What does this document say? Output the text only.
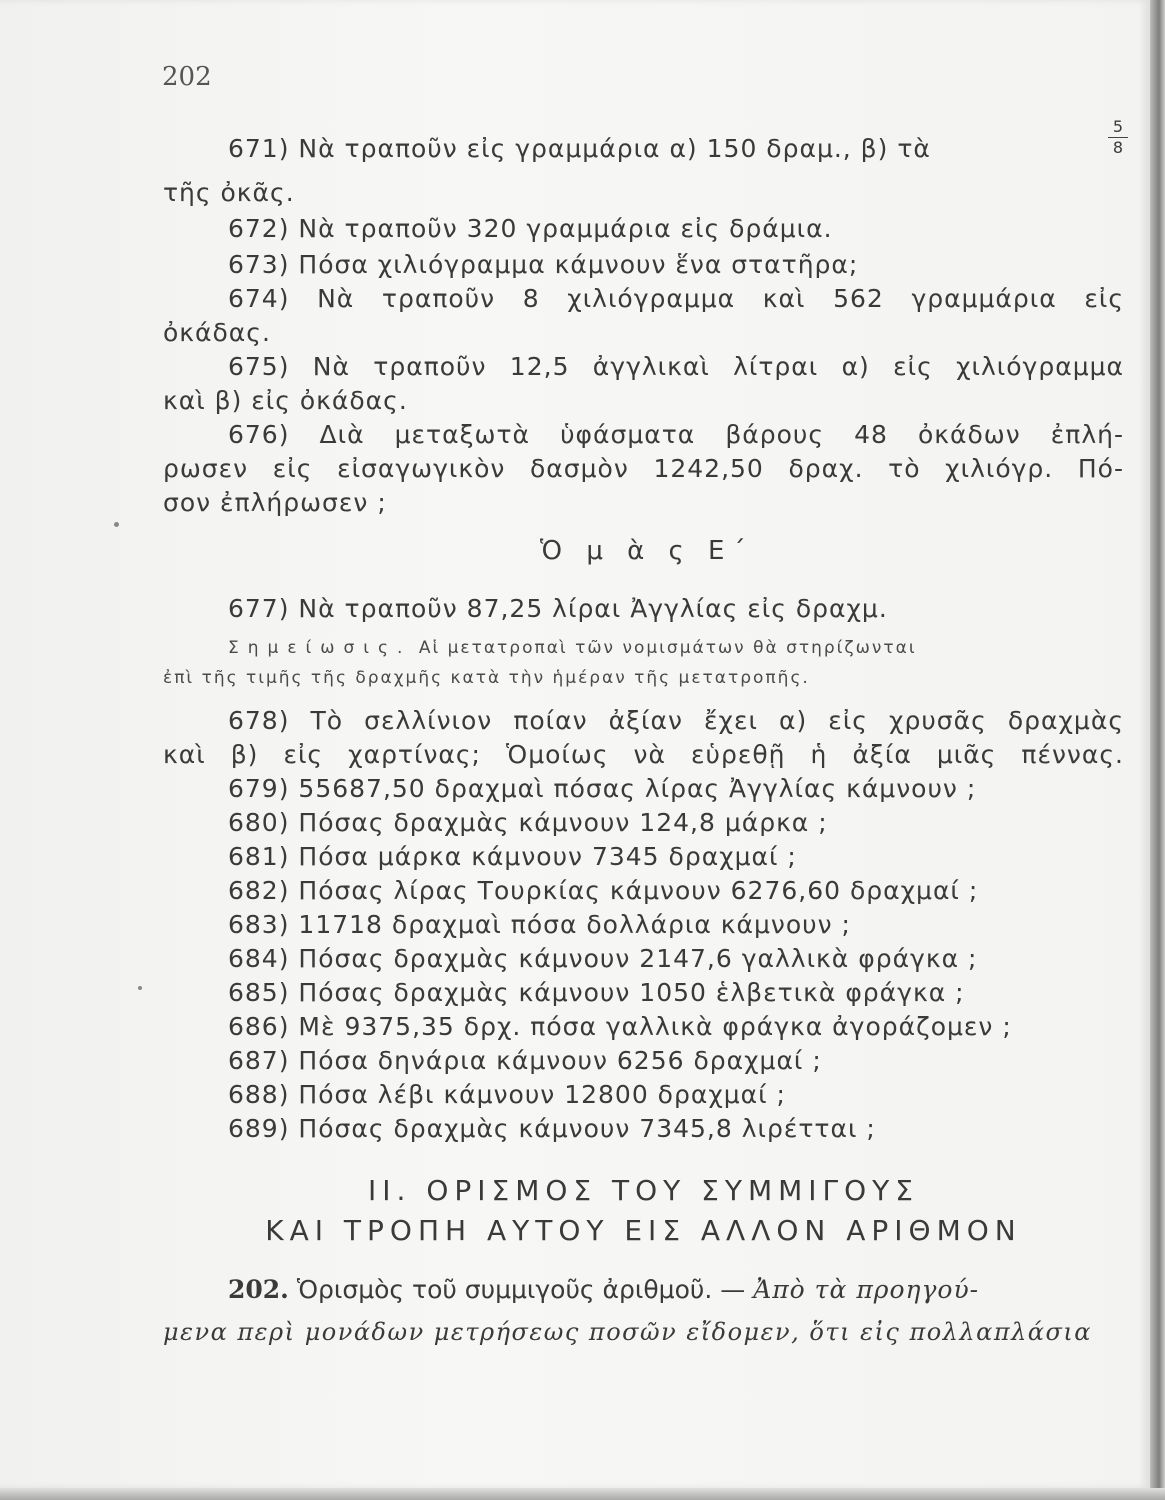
202
671) Νὰ τραποῦν εἰς γραμμάρια α) 150 δραμ., β) τὰ	$\frac{5}{8}$
τῆς ὀκᾶς.
672) Νὰ τραποῦν 320 γραμμάρια εἰς δράμια.
673) Πόσα χιλιόγραμμα κάμνουν ἕνα στατῆρα;
674) Νὰ τραποῦν 8 χιλιόγραμμα καὶ 562 γραμμάρια εἰς
ὀκάδας.
675) Νὰ τραποῦν 12,5 ἀγγλικαὶ λίτραι α) εἰς χιλιόγραμμα
καὶ β) εἰς ὀκάδας.
676) Διὰ μεταξωτὰ ὑφάσματα βάρους 48 ὀκάδων ἐπλή-
ρωσεν εἰς εἰσαγωγικὸν δασμὸν 1242,50 δραχ. τὸ χιλιόγρ. Πό-
σον ἐπλήρωσεν ;
Ὁ μ ὰ ς Ε΄
677) Νὰ τραποῦν 87,25 λίραι Ἀγγλίας εἰς δραχμ.
Σημείωσις. Αἱ μετατροπαὶ τῶν νομισμάτων θὰ στηρίζωνται
ἐπὶ τῆς τιμῆς τῆς δραχμῆς κατὰ τὴν ἡμέραν τῆς μετατροπῆς.
678) Τὸ σελλίνιον ποίαν ἀξίαν ἔχει α) εἰς χρυσᾶς δραχμὰς
καὶ β) εἰς χαρτίνας; Ὁμοίως νὰ εὑρεθῇ ἡ ἀξία μιᾶς πέννας.
679) 55687,50 δραχμαὶ πόσας λίρας Ἀγγλίας κάμνουν ;
680) Πόσας δραχμὰς κάμνουν 124,8 μάρκα ;
681) Πόσα μάρκα κάμνουν 7345 δραχμαί ;
682) Πόσας λίρας Τουρκίας κάμνουν 6276,60 δραχμαί ;
683) 11718 δραχμαὶ πόσα δολλάρια κάμνουν ;
684) Πόσας δραχμὰς κάμνουν 2147,6 γαλλικὰ φράγκα ;
685) Πόσας δραχμὰς κάμνουν 1050 ἑλβετικὰ φράγκα ;
686) Μὲ 9375,35 δρχ. πόσα γαλλικὰ φράγκα ἀγοράζομεν ;
687) Πόσα δηνάρια κάμνουν 6256 δραχμαί ;
688) Πόσα λέβι κάμνουν 12800 δραχμαί ;
689) Πόσας δραχμὰς κάμνουν 7345,8 λιρέτται ;
ΙΙ. ΟΡΙΣΜΟΣ ΤΟΥ ΣΥΜΜΙΓΟΥΣ
ΚΑΙ ΤΡΟΠΗ ΑΥΤΟΥ ΕΙΣ ΑΛΛΟΝ ΑΡΙΘΜΟΝ
202. Ὁρισμὸς τοῦ συμμιγοῦς ἀριθμοῦ. — Ἀπὸ τὰ προηγού-
μενα περὶ μονάδων μετρήσεως ποσῶν εἴδομεν, ὅτι εἰς πολλαπλάσια
